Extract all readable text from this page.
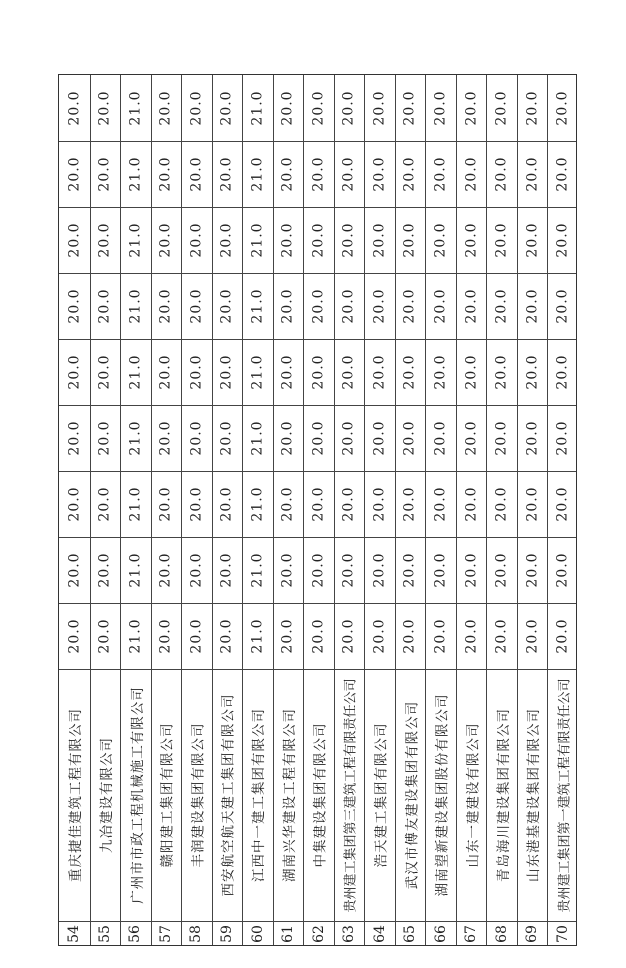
54
重庆捷佳建筑工程有限公司
20.0
20.0
20.0
20.0
20.0
20.0
20.0
20.0
20.0
55
九冶建设有限公司
20.0
20.0
20.0
20.0
20.0
20.0
20.0
20.0
20.0
56
广州市市政工程机械施工有限公司
21.0
21.0
21.0
21.0
21.0
21.0
21.0
21.0
21.0
57
赣阳建工集团有限公司
20.0
20.0
20.0
20.0
20.0
20.0
20.0
20.0
20.0
58
丰润建设集团有限公司
20.0
20.0
20.0
20.0
20.0
20.0
20.0
20.0
20.0
59
西安航空航天建工集团有限公司
20.0
20.0
20.0
20.0
20.0
20.0
20.0
20.0
20.0
60
江西中一建工集团有限公司
21.0
21.0
21.0
21.0
21.0
21.0
21.0
21.0
21.0
61
湖南兴华建设工程有限公司
20.0
20.0
20.0
20.0
20.0
20.0
20.0
20.0
20.0
62
中集建设集团有限公司
20.0
20.0
20.0
20.0
20.0
20.0
20.0
20.0
20.0
63
贵州建工集团第三建筑工程有限责任公司
20.0
20.0
20.0
20.0
20.0
20.0
20.0
20.0
20.0
64
浩天建工集团有限公司
20.0
20.0
20.0
20.0
20.0
20.0
20.0
20.0
20.0
65
武汉市傅友建设集团有限公司
20.0
20.0
20.0
20.0
20.0
20.0
20.0
20.0
20.0
66
湖南望新建设集团股份有限公司
20.0
20.0
20.0
20.0
20.0
20.0
20.0
20.0
20.0
67
山东一建建设有限公司
20.0
20.0
20.0
20.0
20.0
20.0
20.0
20.0
20.0
68
青岛海川建设集团有限公司
20.0
20.0
20.0
20.0
20.0
20.0
20.0
20.0
20.0
69
山东港基建设集团有限公司
20.0
20.0
20.0
20.0
20.0
20.0
20.0
20.0
20.0
70
贵州建工集团第一建筑工程有限责任公司
20.0
20.0
20.0
20.0
20.0
20.0
20.0
20.0
20.0
